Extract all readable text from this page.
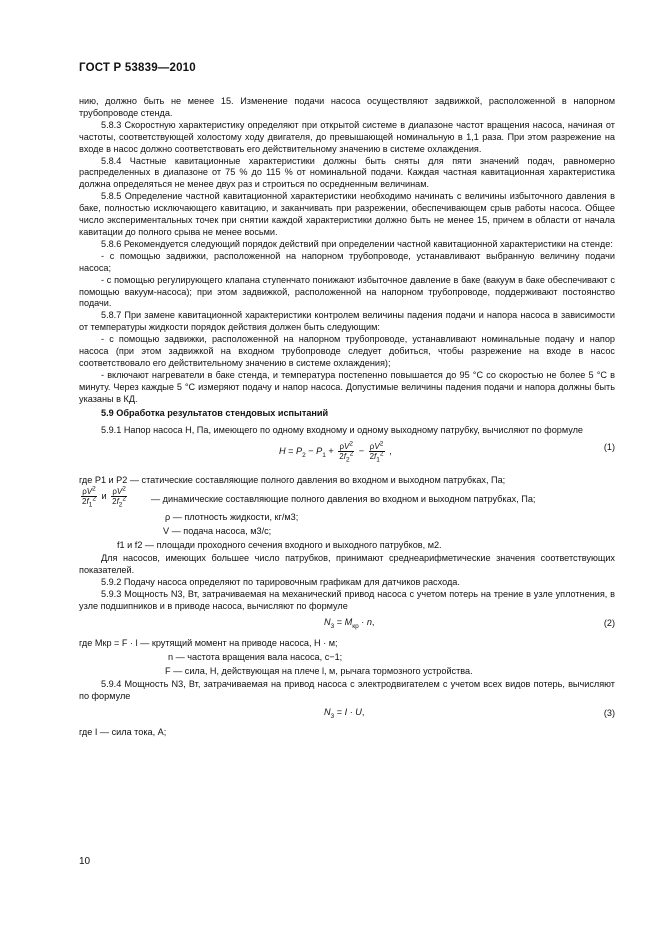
ГОСТ Р 53839—2010

нию, должно быть не менее 15. Изменение подачи насоса осуществляют задвижкой, расположенной в напорном трубопроводе стенда.

5.8.3 Скоростную характеристику определяют при открытой системе в диапазоне частот вращения насоса, начиная от частоты, соответствующей холостому ходу двигателя, до превышающей номинальную в 1,1 раза. При этом разрежение на входе в насос должно соответствовать его действительному значению в системе охлаждения.

5.8.4 Частные кавитационные характеристики должны быть сняты для пяти значений подач, равномерно распределенных в диапазоне от 75 % до 115 % от номинальной подачи. Каждая частная кавитационная характеристика должна определяться не менее двух раз и строиться по осредненным величинам.

5.8.5 Определение частной кавитационной характеристики необходимо начинать с величины избыточного давления в баке, полностью исключающего кавитацию, и заканчивать при разрежении, обеспечивающем срыв работы насоса. Общее число экспериментальных точек при снятии каждой характеристики должно быть не менее 15, причем в области от начала кавитации до полного срыва не менее восьми.

5.8.6 Рекомендуется следующий порядок действий при определении частной кавитационной характеристики на стенде:

- с помощью задвижки, расположенной на напорном трубопроводе, устанавливают выбранную величину подачи насоса;

- с помощью регулирующего клапана ступенчато понижают избыточное давление в баке (вакуум в баке обеспечивают с помощью вакуум-насоса); при этом задвижкой, расположенной на напорном трубопроводе, поддерживают постоянство подачи.

5.8.7 При замене кавитационной характеристики контролем величины падения подачи и напора насоса в зависимости от температуры жидкости порядок действия должен быть следующим:

- с помощью задвижки, расположенной на напорном трубопроводе, устанавливают номинальные подачу и напор насоса (при этом задвижкой на входном трубопроводе следует добиться, чтобы разрежение на входе в насос соответствовало его действительному значению в системе охлаждения);

- включают нагреватели в баке стенда, и температура постепенно повышается до 95 °С со скоростью не более 5 °С в минуту. Через каждые 5 °С измеряют подачу и напор насоса. Допустимые величины падения подачи и напора должны быть указаны в КД.

5.9 Обработка результатов стендовых испытаний

5.9.1 Напор насоса H, Па, имеющего по одному входному и одному выходному патрубку, вычисляют по формуле

$H = P_2 - P_1 + \frac{\rho V^2}{2f_2^2} - \frac{\rho V^2}{2f_1^2}$ ,	(1)

где P1 и P2 — статические составляющие полного давления во входном и выходном патрубках, Па;

$\frac{\rho V^2}{2f_1^2}$ и $\frac{\rho V^2}{2f_2^2}$	— динамические составляющие полного давления во входном и выходном патрубках, Па;
ρ — плотность жидкости, кг/м3;
V — подача насоса, м3/с;
f1 и f2 — площади проходного сечения входного и выходного патрубков, м2.

Для насосов, имеющих большее число патрубков, принимают среднеарифметические значения соответствующих показателей.

5.9.2 Подачу насоса определяют по тарировочным графикам для датчиков расхода.

5.9.3 Мощность N3, Вт, затрачиваемая на механический привод насоса с учетом потерь на трение в узле уплотнения, в узле подшипников и в приводе насоса, вычисляют по формуле

$N_3 = M_{кр} \cdot n$,	(2)
где Mкр = F · l — крутящий момент на приводе насоса, Н · м;
n — частота вращения вала насоса, с−1;
F — сила, Н, действующая на плече l, м, рычага тормозного устройства.

5.9.4 Мощность N3, Вт, затрачиваемая на привод насоса с электродвигателем с учетом всех видов потерь, вычисляют по формуле

$N_3 = I \cdot U$,	(3)

где I — сила тока, А;

10
